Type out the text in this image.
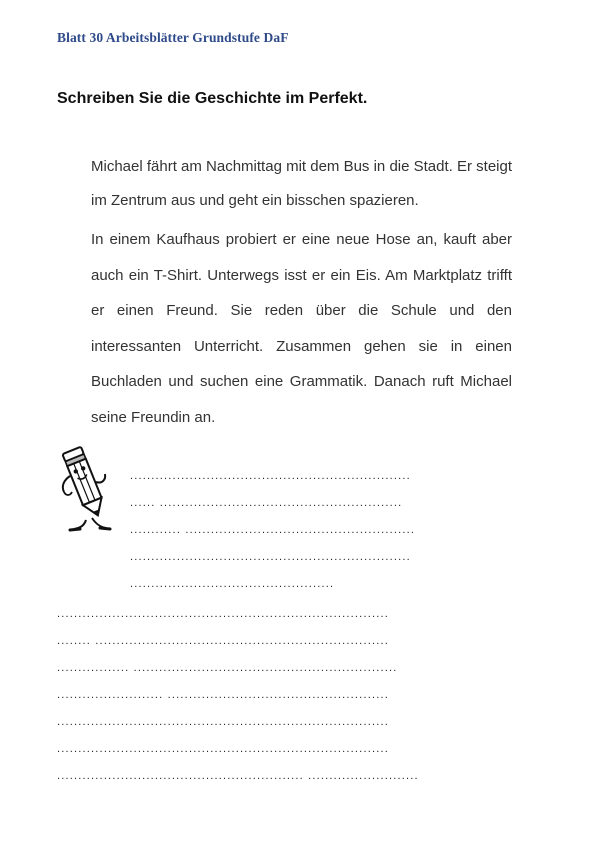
Blatt 30 Arbeitsblätter Grundstufe DaF
Schreiben Sie die Geschichte im Perfekt.

Michael fährt am Nachmittag mit dem Bus in die Stadt. Er steigt im Zentrum aus und geht ein bisschen spazieren.

In einem Kaufhaus probiert er eine neue Hose an, kauft aber auch ein T-Shirt. Unterwegs isst er ein Eis. Am Marktplatz trifft er einen Freund. Sie reden über die Schule und den interessanten Unterricht. Zusammen gehen sie in einen Buchladen und suchen eine Grammatik. Danach ruft Michael seine Freundin an.

..................................................................
...... .........................................................
............ ......................................................
..................................................................
................................................
..............................................................................
........ .....................................................................
................. ..............................................................
......................... ....................................................
..............................................................................
..............................................................................
.......................................................... ..........................
